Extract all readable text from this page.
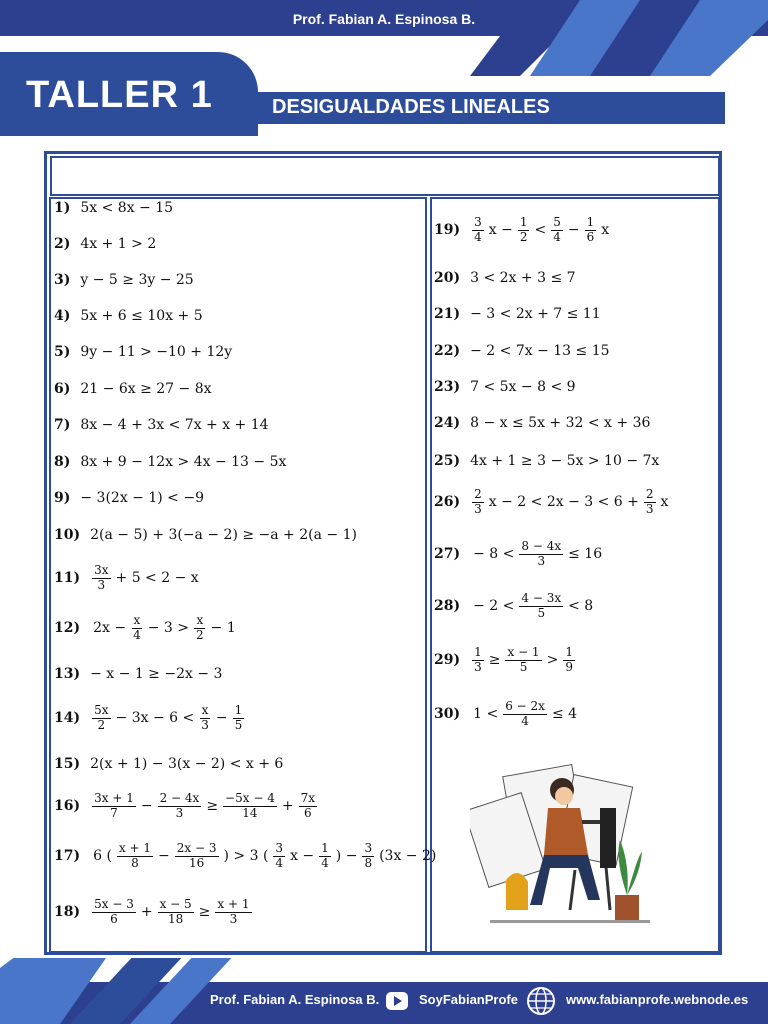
Prof. Fabian A. Espinosa B.
TALLER 1	DESIGUALDADES LINEALES
1) 5x < 8x − 15
2) 4x + 1 > 2
3) y − 5 ≥ 3y − 25
4) 5x + 6 ≤ 10x + 5
5) 9y − 11 > −10 + 12y
6) 21 − 6x ≥ 27 − 8x
7) 8x − 4 + 3x < 7x + x + 14
8) 8x + 9 − 12x > 4x − 13 − 5x
9) − 3(2x − 1) < −9
10) 2(a − 5) + 3(−a − 2) ≥ −a + 2(a − 1)
$11) \frac{3x}{3} + 5 < 2 - x$
12) $2x - \frac{x}{4} - 3 > \frac{x}{2} - 1$
13) − x − 1 ≥ −2x − 3
$14) \frac{5x}{2} - 3x - 6 < \frac{x}{3} - \frac{1}{5}$
15) 2(x + 1) − 3(x − 2) < x + 6
$16) \frac{3x + 1}{7} - \frac{2 - 4x}{3} \ge \frac{-5x - 4}{14} + \frac{7x}{6}$
17) 6 ( $\frac{x + 1}{8} - \frac{2x - 3}{16}$ ) > 3 ( $\frac{3}{4}$ $x - \frac{1}{4}$ ) − $\frac{3}{8} (3x - 2)$
$18) \frac{5x - 3}{6} + \frac{x - 5}{18} \ge \frac{x + 1}{3}$
$19) \frac{3}{4}$ $x - \frac{1}{2} < \frac{5}{4} - \frac{1}{6}$ x
20) 3 < 2x + 3 ≤ 7
21) − 3 < 2x + 7 ≤ 11
22) − 2 < 7x − 13 ≤ 15
23) 7 < 5x − 8 < 9
24) 8 − x ≤ 5x + 32 < x + 36
25) 4x + 1 ≥ 3 − 5x > 10 − 7x
$26) \frac{2}{3}$ $x - 2 < 2x - 3 < 6 + \frac{2}{3}$ x
$27) - 8 < \frac{8 - 4x}{3} \le 16$
$28) - 2 < \frac{4 - 3x}{5} < 8$
$29) \frac{1}{3} \ge \frac{x - 1}{5} > \frac{1}{9}$
30) $1 < \frac{6 - 2x}{4} \le 4$
Prof. Fabian A. Espinosa B.	SoyFabianProfe	www.fabianprofe.webnode.es
